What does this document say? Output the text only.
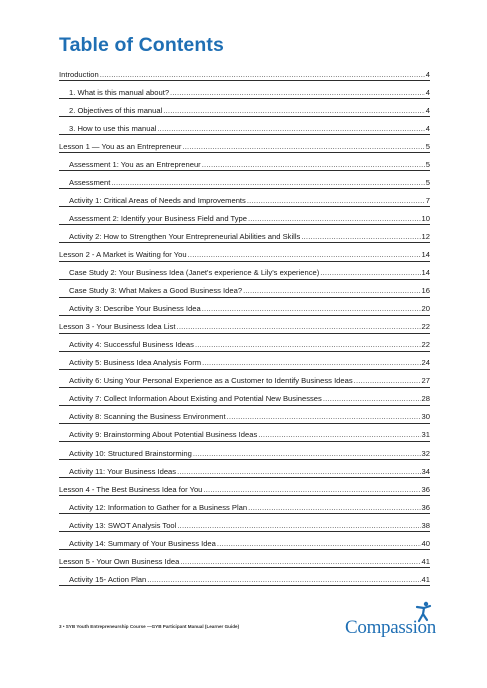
Table of Contents
Introduction .....	4
1. What is this manual about? .....	4
2. Objectives of this manual .....	4
3. How to use this manual .....	4
Lesson 1 — You as an Entrepreneur .....	5
Assessment 1: You as an Entrepreneur .....	5
Assessment .....	5
Activity 1: Critical Areas of Needs and Improvements .....	7
Assessment 2: Identify your Business Field and Type .....	10
Activity 2: How to Strengthen Your Entrepreneurial Abilities and Skills .....	12
Lesson 2 - A Market is Waiting for You .....	14
Case Study 2: Your Business Idea (Janet's experience & Lily's experience) .....	14
Case Study 3: What Makes a Good Business Idea? .....	16
Activity 3: Describe Your Business Idea .....	20
Lesson 3 - Your Business Idea List .....	22
Activity 4: Successful Business Ideas .....	22
Activity 5: Business Idea Analysis Form .....	24
Activity 6: Using Your Personal Experience as a Customer to Identify Business Ideas .....	27
Activity 7: Collect Information About Existing and Potential New Businesses .....	28
Activity 8: Scanning the Business Environment .....	30
Activity 9: Brainstorming About Potential Business Ideas .....	31
Activity 10: Structured Brainstorming .....	32
Activity 11: Your Business Ideas .....	34
Lesson 4 - The Best Business Idea for You .....	36
Activity 12: Information to Gather for a Business Plan .....	36
Activity 13: SWOT Analysis Tool .....	38
Activity 14: Summary of Your Business Idea .....	40
Lesson 5 - Your Own Business Idea .....	41
Activity 15- Action Plan .....	41
3 • SYB Youth Entrepreneurship Course —GYB Participant Manual (Learner Guide)	Compassion
